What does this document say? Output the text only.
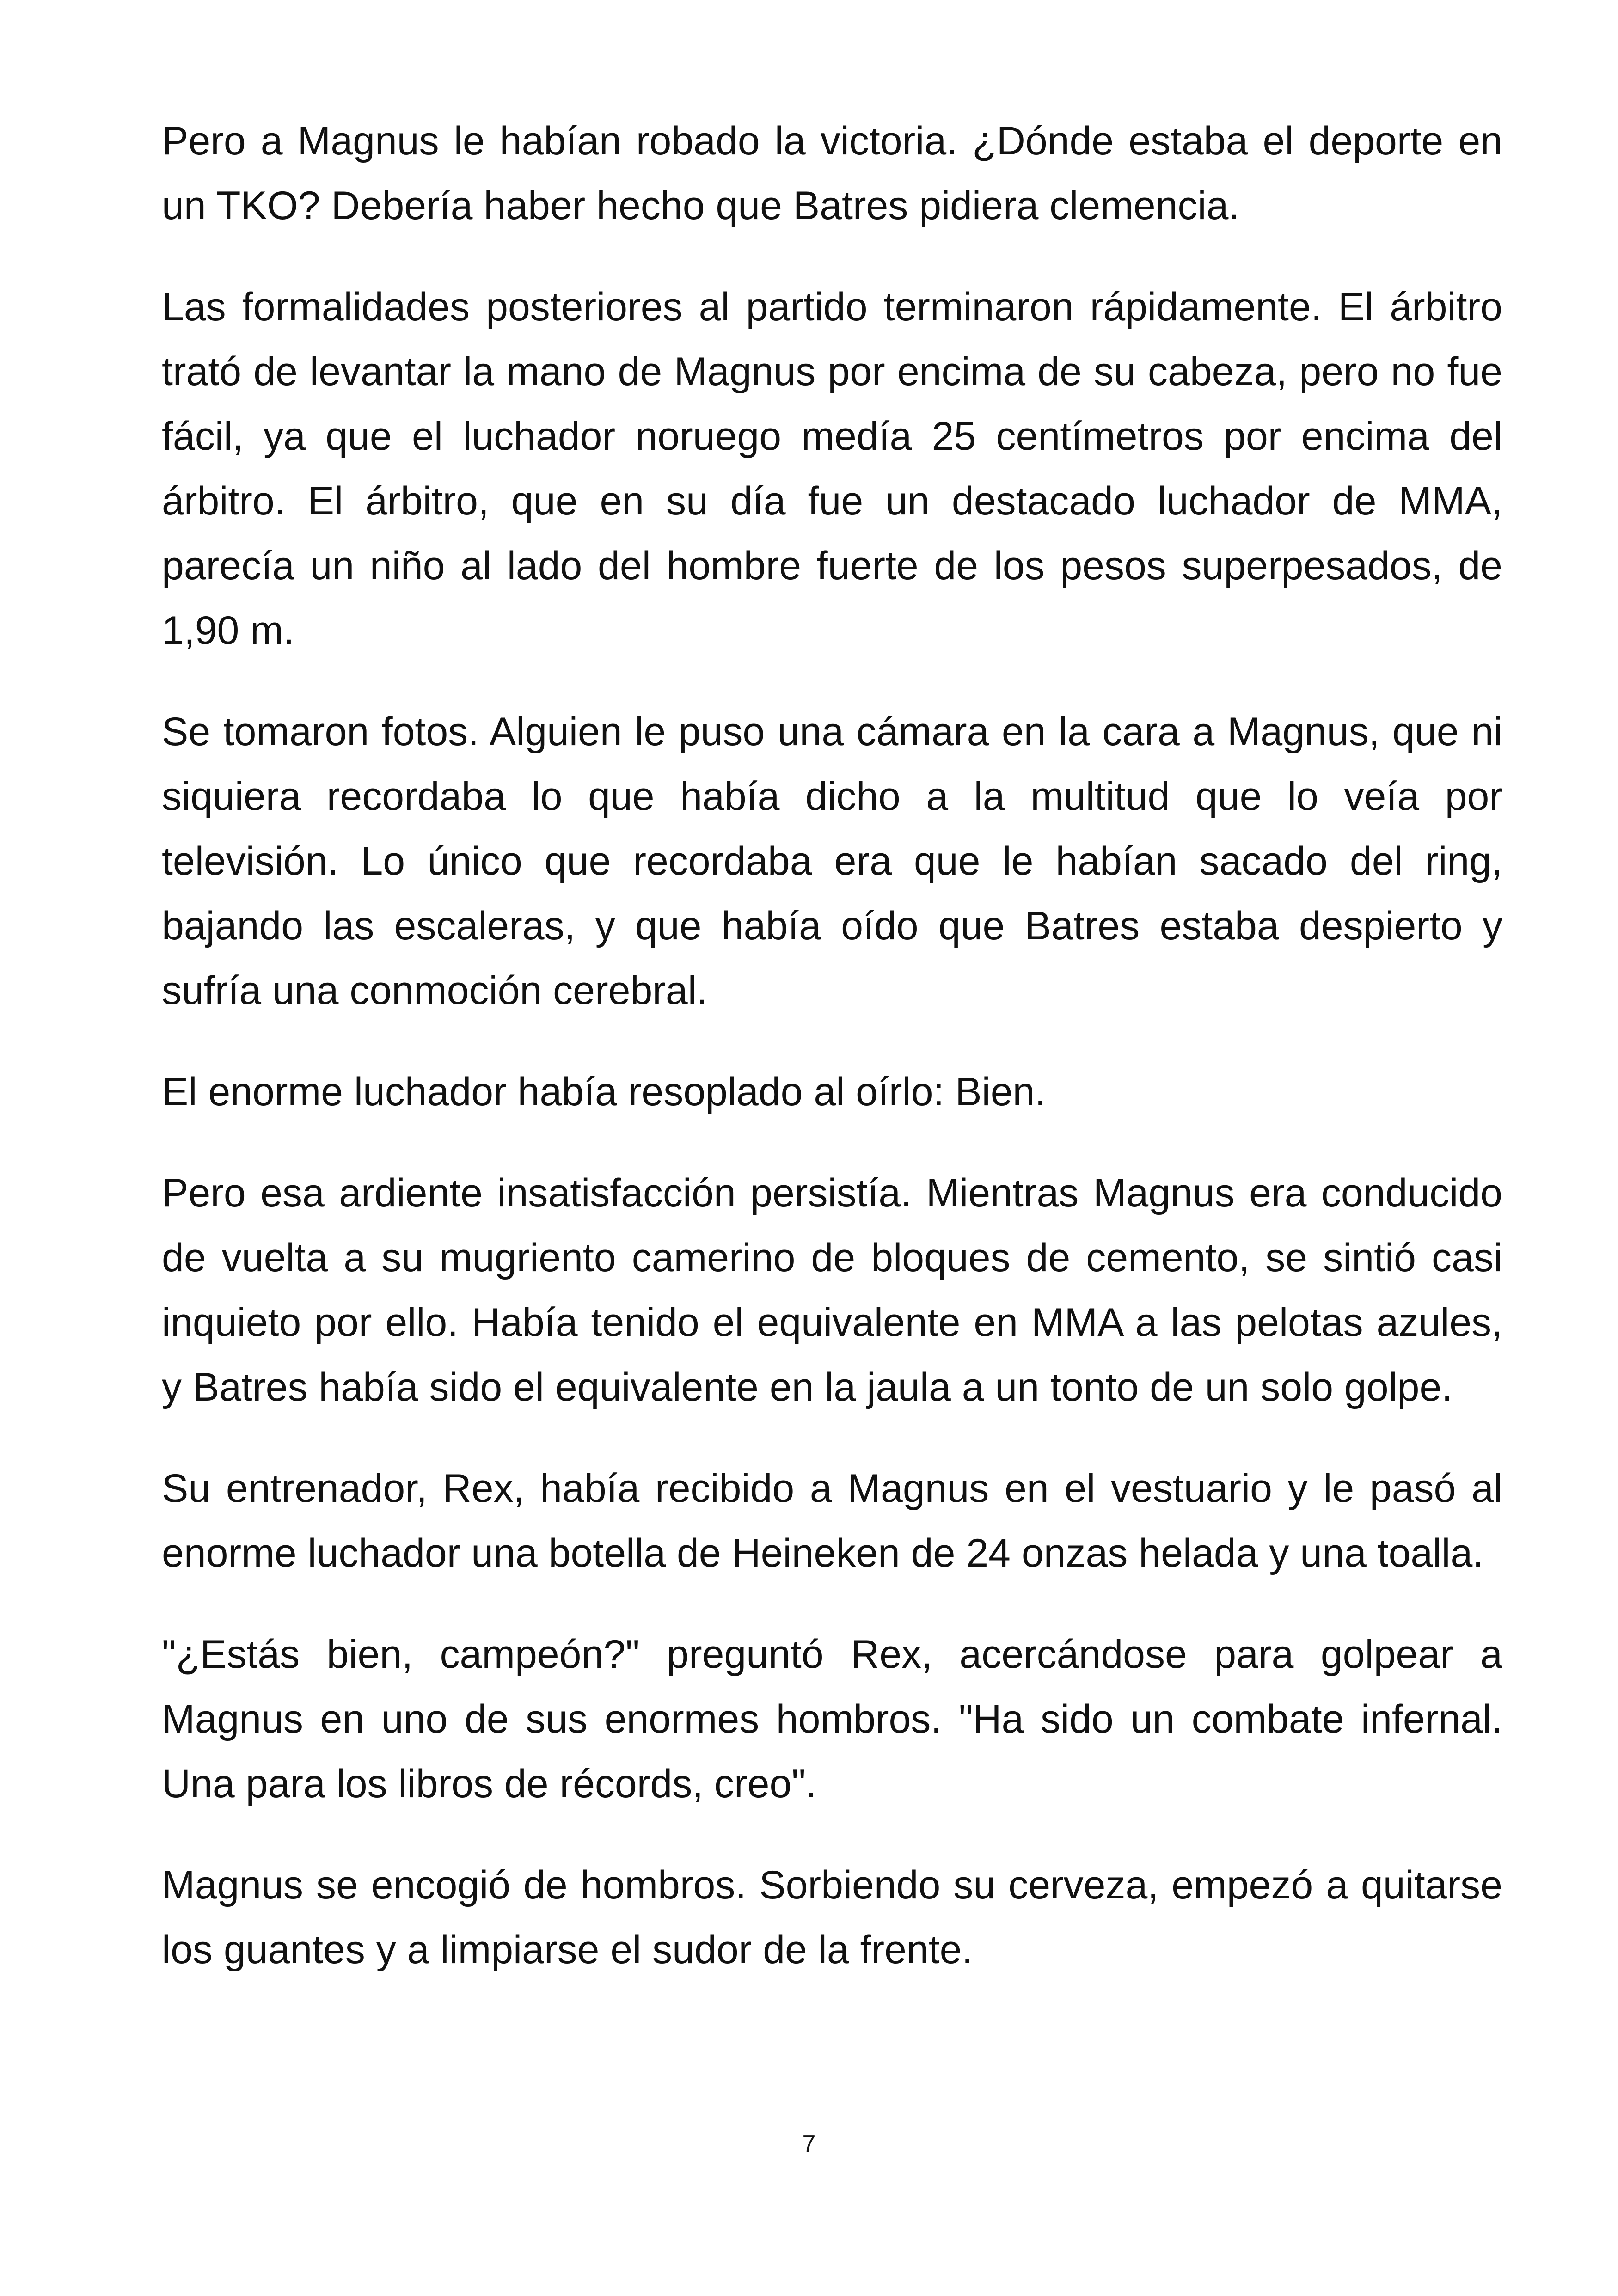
Pero a Magnus le habían robado la victoria. ¿Dónde estaba el deporte en un TKO? Debería haber hecho que Batres pidiera clemencia.

Las formalidades posteriores al partido terminaron rápidamente. El árbitro trató de levantar la mano de Magnus por encima de su cabeza, pero no fue fácil, ya que el luchador noruego medía 25 centímetros por encima del árbitro. El árbitro, que en su día fue un destacado luchador de MMA, parecía un niño al lado del hombre fuerte de los pesos superpesados, de 1,90 m.

Se tomaron fotos. Alguien le puso una cámara en la cara a Magnus, que ni siquiera recordaba lo que había dicho a la multitud que lo veía por televisión. Lo único que recordaba era que le habían sacado del ring, bajando las escaleras, y que había oído que Batres estaba despierto y sufría una conmoción cerebral.

El enorme luchador había resoplado al oírlo: Bien.

Pero esa ardiente insatisfacción persistía. Mientras Magnus era conducido de vuelta a su mugriento camerino de bloques de cemento, se sintió casi inquieto por ello. Había tenido el equivalente en MMA a las pelotas azules, y Batres había sido el equivalente en la jaula a un tonto de un solo golpe.

Su entrenador, Rex, había recibido a Magnus en el vestuario y le pasó al enorme luchador una botella de Heineken de 24 onzas helada y una toalla.

"¿Estás bien, campeón?" preguntó Rex, acercándose para golpear a Magnus en uno de sus enormes hombros. "Ha sido un combate infernal. Una para los libros de récords, creo".

Magnus se encogió de hombros. Sorbiendo su cerveza, empezó a quitarse los guantes y a limpiarse el sudor de la frente.

7
